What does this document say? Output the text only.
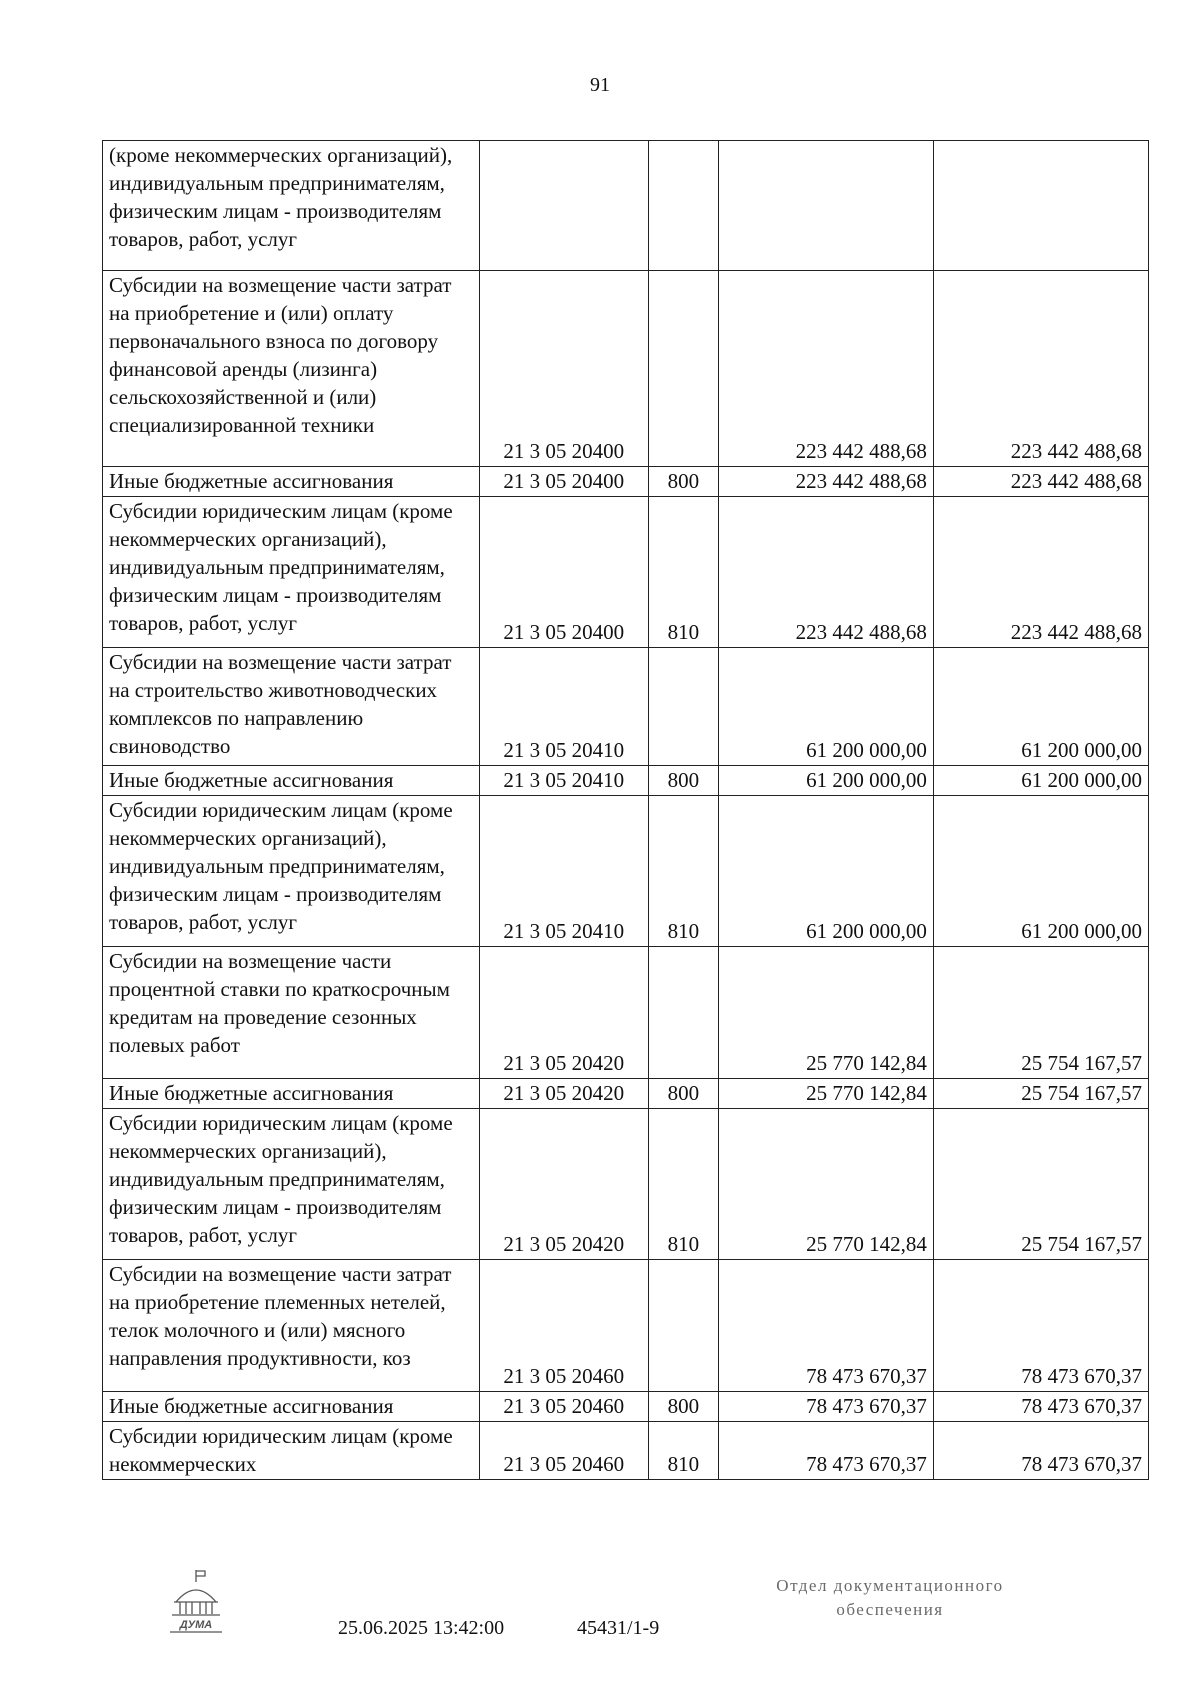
91
(кроме некоммерческих организаций), индивидуальным предпринимателям, физическим лицам - производителям товаров, работ, услуг				
Субсидии на возмещение части затрат на приобретение и (или) оплату первоначального взноса по договору финансовой аренды (лизинга) сельскохозяйственной и (или) специализированной техники	21 3 05 20400		223 442 488,68	223 442 488,68
Иные бюджетные ассигнования	21 3 05 20400	800	223 442 488,68	223 442 488,68
Субсидии юридическим лицам (кроме некоммерческих организаций), индивидуальным предпринимателям, физическим лицам - производителям товаров, работ, услуг	21 3 05 20400	810	223 442 488,68	223 442 488,68
Субсидии на возмещение части затрат на строительство животноводческих комплексов по направлению свиноводство	21 3 05 20410		61 200 000,00	61 200 000,00
Иные бюджетные ассигнования	21 3 05 20410	800	61 200 000,00	61 200 000,00
Субсидии юридическим лицам (кроме некоммерческих организаций), индивидуальным предпринимателям, физическим лицам - производителям товаров, работ, услуг	21 3 05 20410	810	61 200 000,00	61 200 000,00
Субсидии на возмещение части процентной ставки по краткосрочным кредитам на проведение сезонных полевых работ	21 3 05 20420		25 770 142,84	25 754 167,57
Иные бюджетные ассигнования	21 3 05 20420	800	25 770 142,84	25 754 167,57
Субсидии юридическим лицам (кроме некоммерческих организаций), индивидуальным предпринимателям, физическим лицам - производителям товаров, работ, услуг	21 3 05 20420	810	25 770 142,84	25 754 167,57
Субсидии на возмещение части затрат на приобретение племенных нетелей, телок молочного и (или) мясного направления продуктивности, коз	21 3 05 20460		78 473 670,37	78 473 670,37
Иные бюджетные ассигнования	21 3 05 20460	800	78 473 670,37	78 473 670,37
Субсидии юридическим лицам (кроме некоммерческих	21 3 05 20460	810	78 473 670,37	78 473 670,37
ДУМА	25.06.2025 13:42:00	45431/1-9
Отдел документационного
обеспечения
